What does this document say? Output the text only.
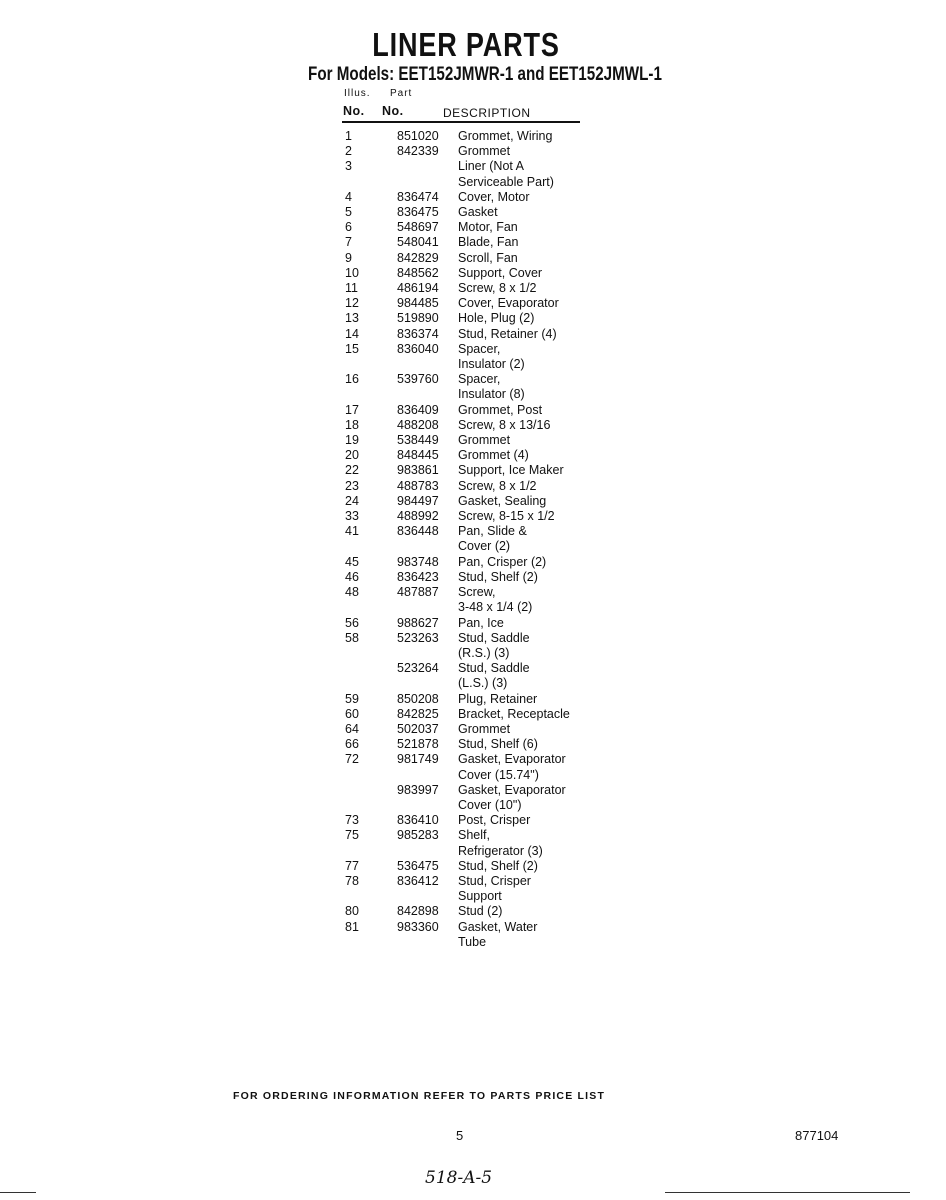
LINER PARTS
For Models: EET152JMWR-1 and EET152JMWL-1
Illus. Part
No. No.	DESCRIPTION
1	851020 Grommet, Wiring
2	842339 Grommet
3	Liner (Not A
Serviceable Part)
4	836474 Cover, Motor
5	836475 Gasket
6	548697 Motor, Fan
7	548041 Blade, Fan
9	842829 Scroll, Fan
10	848562 Support, Cover
11	486194 Screw, 8 x 1/2
12	984485 Cover, Evaporator
13	519890 Hole, Plug (2)
14	836374 Stud, Retainer (4)
15	836040 Spacer,
Insulator (2)
16	539760 Spacer,
Insulator (8)
17	836409 Grommet, Post
18	488208 Screw, 8 x 13/16
19	538449 Grommet
20	848445 Grommet (4)
22	983861 Support, Ice Maker
23	488783 Screw, 8 x 1/2
24	984497 Gasket, Sealing
33	488992 Screw, 8-15 x 1/2
41	836448 Pan, Slide &
Cover (2)
45	983748 Pan, Crisper (2)
46	836423 Stud, Shelf (2)
48	487887 Screw,
3-48 x 1/4 (2)
56	988627 Pan, Ice
58	523263 Stud, Saddle
(R.S.) (3)
523264 Stud, Saddle
(L.S.) (3)
59	850208 Plug, Retainer
60	842825 Bracket, Receptacle
64	502037 Grommet
66	521878 Stud, Shelf (6)
72	981749 Gasket, Evaporator
Cover (15.74")
983997 Gasket, Evaporator
Cover (10")
73	836410 Post, Crisper
75	985283 Shelf,
Refrigerator (3)
77	536475 Stud, Shelf (2)
78	836412 Stud, Crisper
Support
80	842898 Stud (2)
81	983360 Gasket, Water
Tube
FOR ORDERING INFORMATION REFER TO PARTS PRICE LIST
5	877104
518-A-5
